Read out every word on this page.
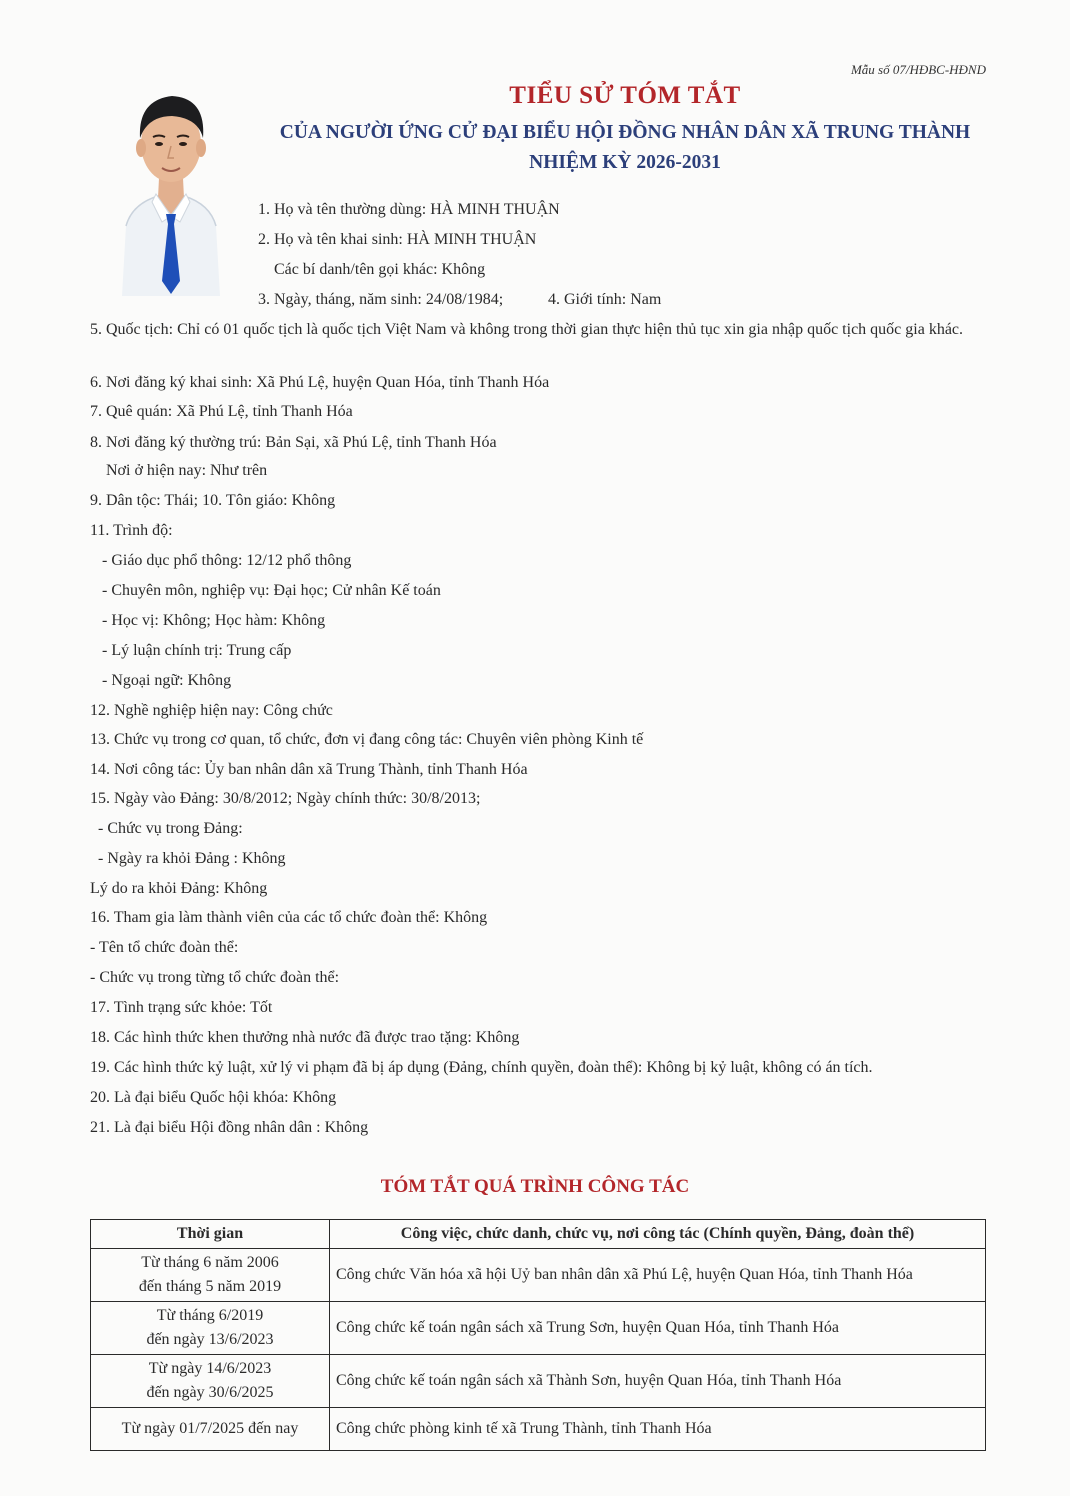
Mẫu số 07/HĐBC-HĐND
TIỂU SỬ TÓM TẮT
CỦA NGƯỜI ỨNG CỬ ĐẠI BIỂU HỘI ĐỒNG NHÂN DÂN XÃ TRUNG THÀNH
NHIỆM KỲ 2026-2031
1. Họ và tên thường dùng: HÀ MINH THUẬN
2. Họ và tên khai sinh: HÀ MINH THUẬN
Các bí danh/tên gọi khác: Không
3. Ngày, tháng, năm sinh: 24/08/1984;	4. Giới tính: Nam
5. Quốc tịch: Chỉ có 01 quốc tịch là quốc tịch Việt Nam và không trong thời gian thực hiện thủ tục xin gia nhập quốc tịch quốc gia khác.
6. Nơi đăng ký khai sinh: Xã Phú Lệ, huyện Quan Hóa, tỉnh Thanh Hóa
7. Quê quán: Xã Phú Lệ, tỉnh Thanh Hóa
8. Nơi đăng ký thường trú: Bản Sại, xã Phú Lệ, tỉnh Thanh Hóa
Nơi ở hiện nay: Như trên
9. Dân tộc: Thái; 10. Tôn giáo: Không
11. Trình độ:
- Giáo dục phổ thông: 12/12 phổ thông
- Chuyên môn, nghiệp vụ: Đại học; Cử nhân Kế toán
- Học vị: Không; Học hàm: Không
- Lý luận chính trị: Trung cấp
- Ngoại ngữ: Không
12. Nghề nghiệp hiện nay: Công chức
13. Chức vụ trong cơ quan, tổ chức, đơn vị đang công tác: Chuyên viên phòng Kinh tế
14. Nơi công tác: Ủy ban nhân dân xã Trung Thành, tỉnh Thanh Hóa
15. Ngày vào Đảng: 30/8/2012; Ngày chính thức: 30/8/2013;
- Chức vụ trong Đảng:
- Ngày ra khỏi Đảng : Không
Lý do ra khỏi Đảng: Không
16. Tham gia làm thành viên của các tổ chức đoàn thể: Không
- Tên tổ chức đoàn thể:
- Chức vụ trong từng tổ chức đoàn thể:
17. Tình trạng sức khỏe: Tốt
18. Các hình thức khen thưởng nhà nước đã được trao tặng: Không
19. Các hình thức kỷ luật, xử lý vi phạm đã bị áp dụng (Đảng, chính quyền, đoàn thể): Không bị kỷ luật, không có án tích.
20. Là đại biểu Quốc hội khóa: Không
21. Là đại biểu Hội đồng nhân dân : Không
TÓM TẮT QUÁ TRÌNH CÔNG TÁC
Thời gian	Công việc, chức danh, chức vụ, nơi công tác (Chính quyền, Đảng, đoàn thể)

Từ tháng 6 năm 2006
đến tháng 5 năm 2019	Công chức Văn hóa xã hội Uỷ ban nhân dân xã Phú Lệ, huyện Quan Hóa, tỉnh Thanh Hóa

Từ tháng 6/2019
đến ngày 13/6/2023	Công chức kế toán ngân sách xã Trung Sơn, huyện Quan Hóa, tỉnh Thanh Hóa

Từ ngày 14/6/2023
đến ngày 30/6/2025	Công chức kế toán ngân sách xã Thành Sơn, huyện Quan Hóa, tỉnh Thanh Hóa

Từ ngày 01/7/2025 đến nay	Công chức phòng kinh tế xã Trung Thành, tỉnh Thanh Hóa
